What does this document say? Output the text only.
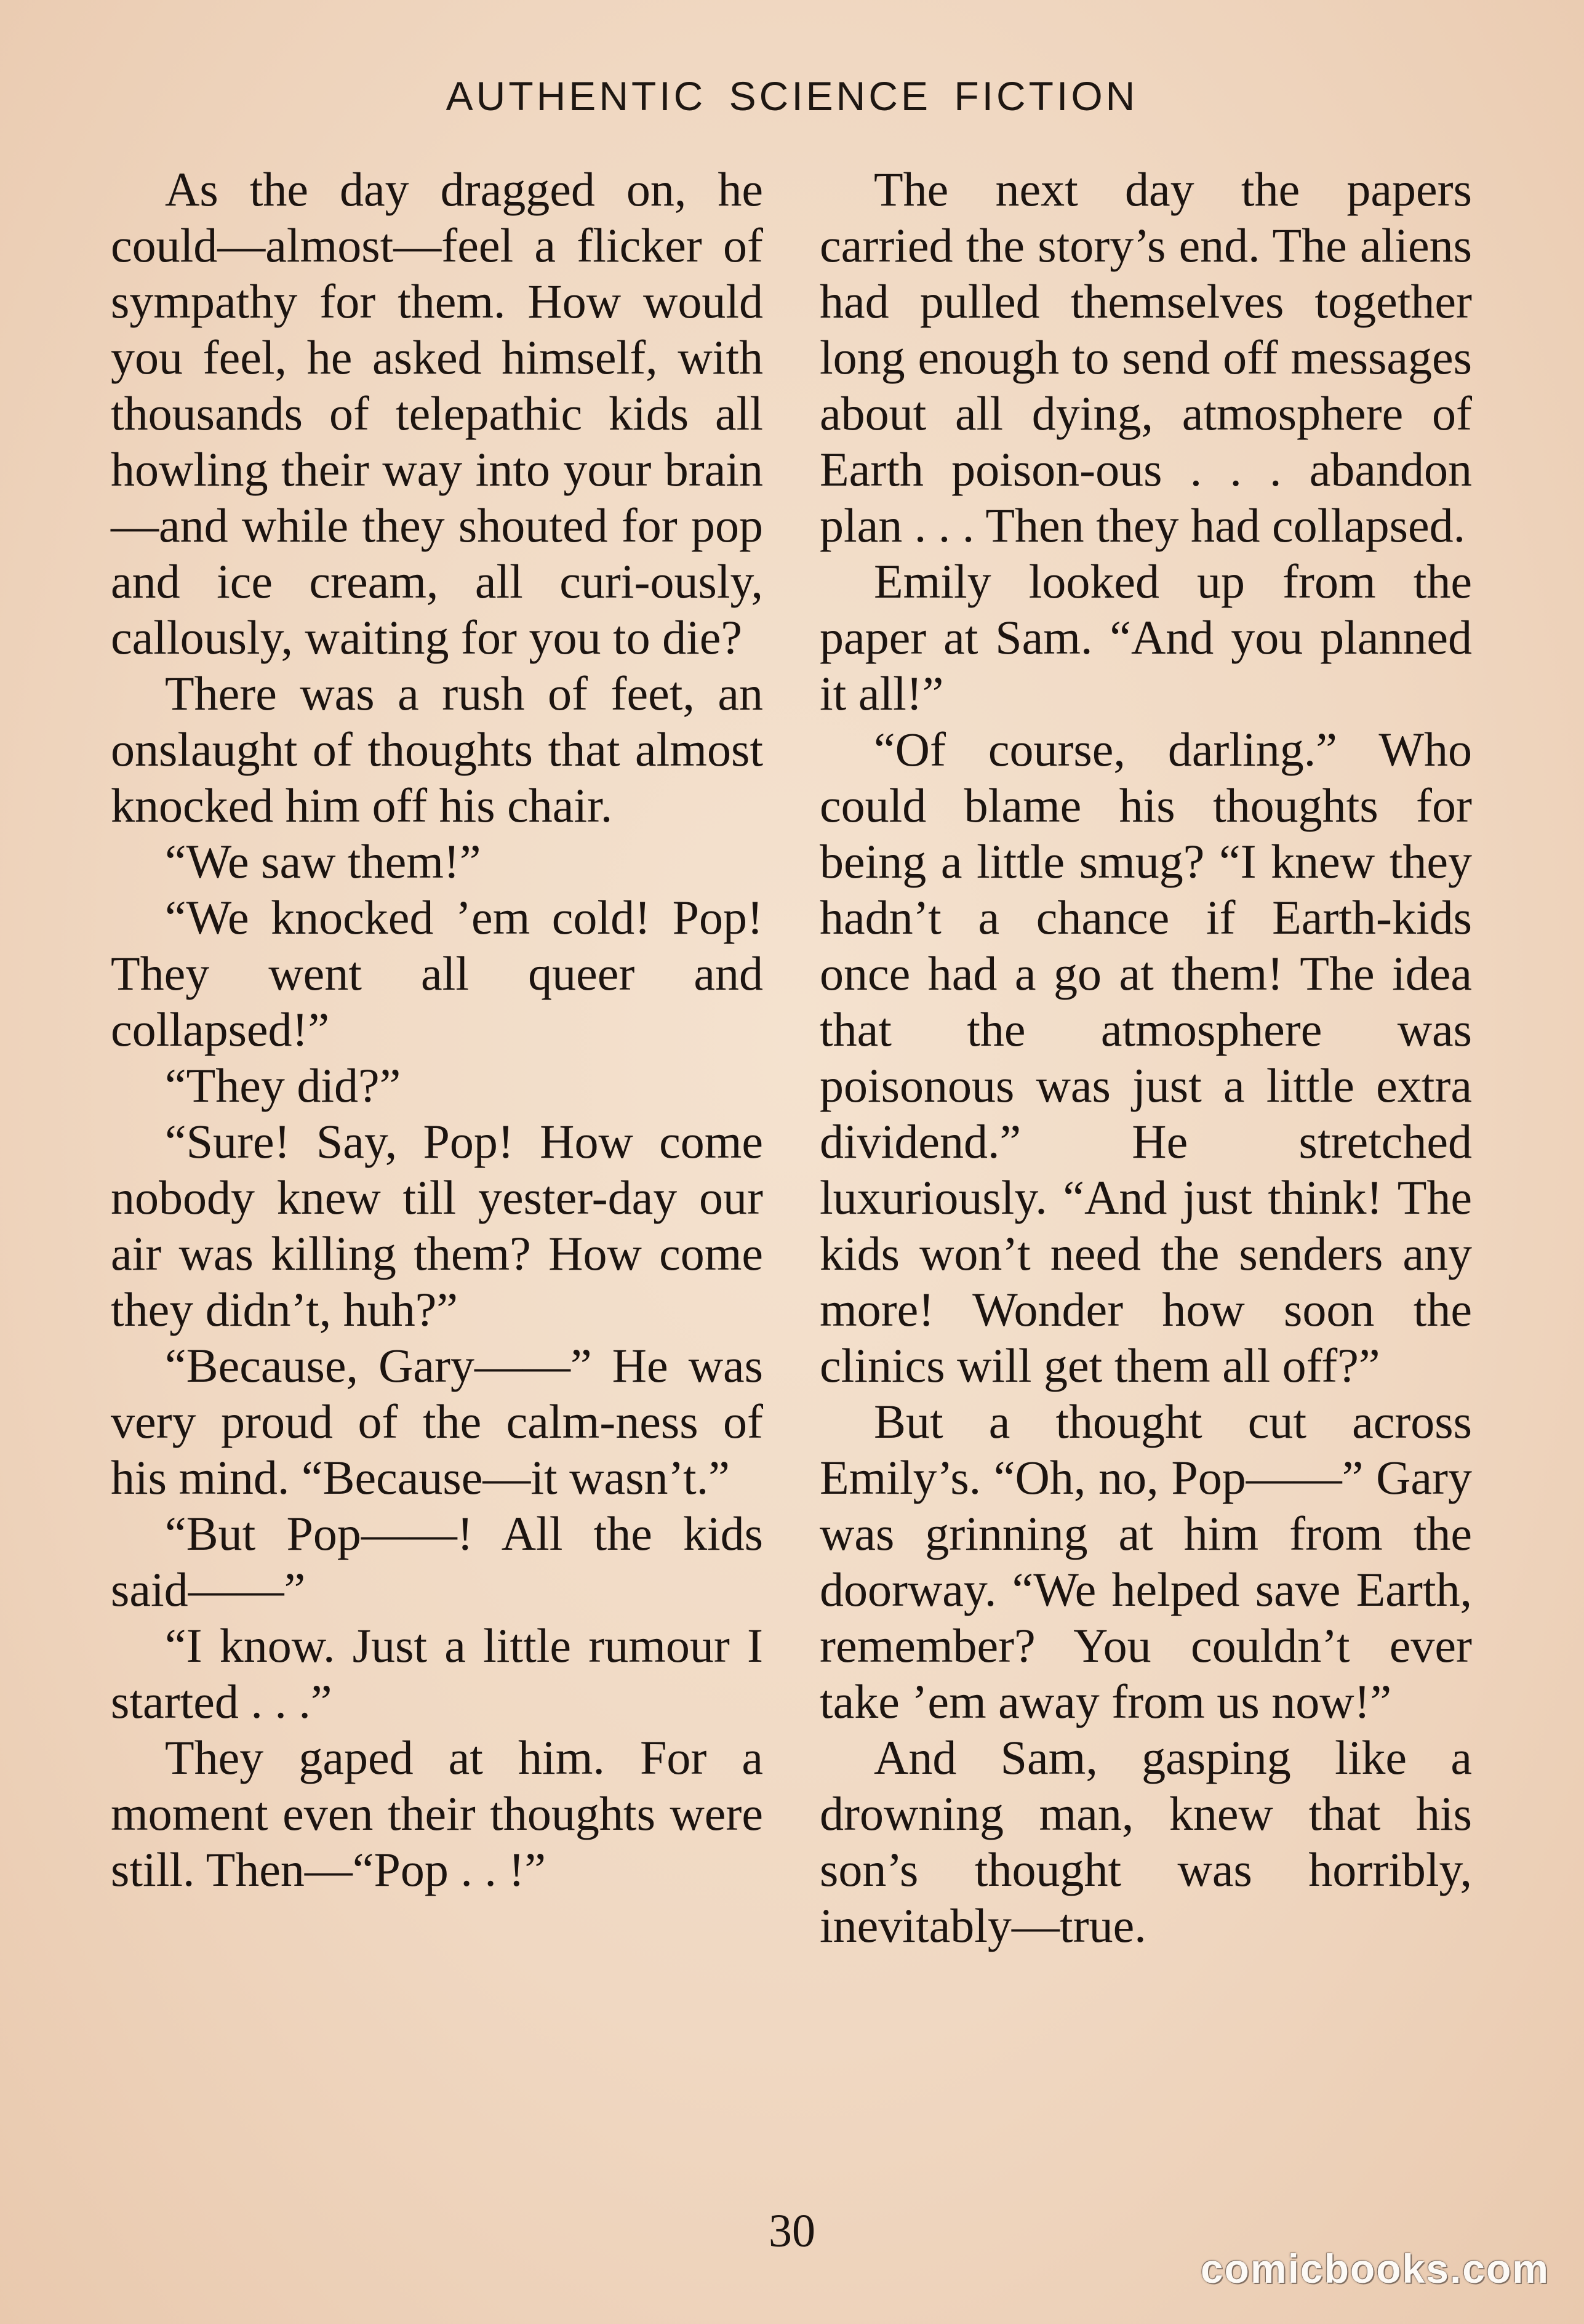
AUTHENTIC SCIENCE FICTION

As the day dragged on, he could—almost—feel a flicker of sympathy for them. How would you feel, he asked himself, with thousands of telepathic kids all howling their way into your brain—and while they shouted for pop and ice cream, all curi-ously, callously, waiting for you to die?

There was a rush of feet, an onslaught of thoughts that almost knocked him off his chair.

“We saw them!”

“We knocked ’em cold! Pop! They went all queer and collapsed!”

“They did?”

“Sure! Say, Pop! How come nobody knew till yester-day our air was killing them? How come they didn’t, huh?”

“Because, Gary——” He was very proud of the calm-ness of his mind. “Because—it wasn’t.”

“But Pop——! All the kids said——”

“I know. Just a little rumour I started . . .”

They gaped at him. For a moment even their thoughts were still. Then—“Pop . . !”

The next day the papers carried the story’s end. The aliens had pulled themselves together long enough to send off messages about all dying, atmosphere of Earth poison-ous . . . abandon plan . . . Then they had collapsed.

Emily looked up from the paper at Sam. “And you planned it all!”

“Of course, darling.” Who could blame his thoughts for being a little smug? “I knew they hadn’t a chance if Earth-kids once had a go at them! The idea that the atmosphere was poisonous was just a little extra dividend.” He stretched luxuriously. “And just think! The kids won’t need the senders any more! Wonder how soon the clinics will get them all off?”

But a thought cut across Emily’s. “Oh, no, Pop——” Gary was grinning at him from the doorway. “We helped save Earth, remember? You couldn’t ever take ’em away from us now!”

And Sam, gasping like a drowning man, knew that his son’s thought was horribly, inevitably—true.

30
comicbooks.com
